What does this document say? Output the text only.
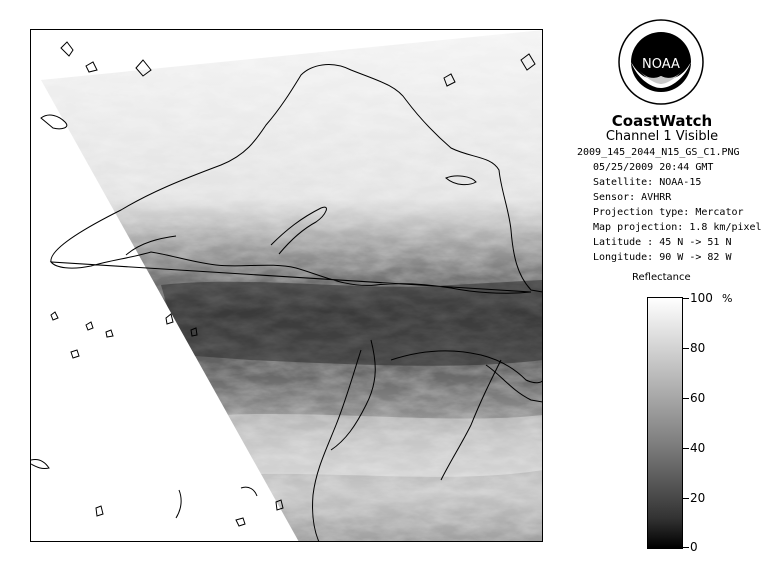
NOAA
CoastWatch
Channel 1 Visible
2009_145_2044_N15_GS_C1.PNG
05/25/2009 20:44 GMT
Satellite: NOAA-15
Sensor: AVHRR
Projection type: Mercator
Map projection: 1.8 km/pixel
Latitude : 45 N -> 51 N
Longitude: 90 W -> 82 W
Reflectance
%
100
80
60
40
20
0
